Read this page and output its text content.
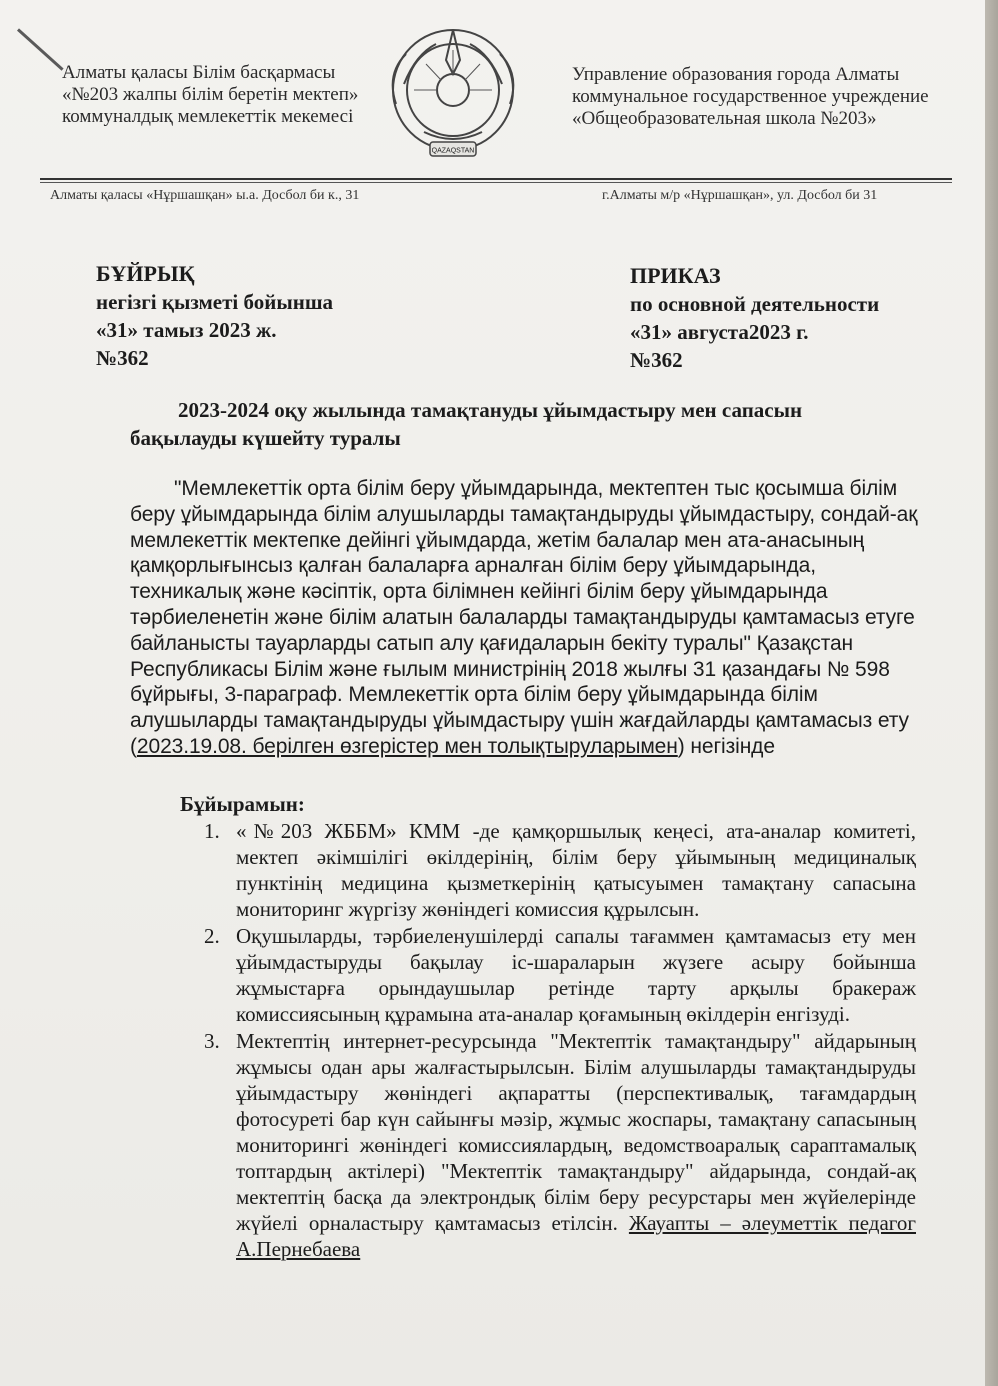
Алматы қаласы Білім басқармасы
«№203 жалпы білім беретін мектеп»
коммуналдық мемлекеттік мекемесі
QAZAQSTAN
Управление образования города Алматы
коммунальное государственное учреждение
«Общеобразовательная школа №203»
Алматы қаласы «Нұршашқан» ы.а. Досбол би к., 31	г.Алматы м/р «Нұршашқан», ул. Досбол би 31
БҰЙРЫҚ
негізгі қызметі бойынша
«31» тамыз 2023 ж.
№362
ПРИКАЗ
по основной деятельности
«31» августа2023 г.
№362
2023-2024 оқу жылында тамақтануды ұйымдастыру мен сапасын
бақылауды күшейту туралы
"Мемлекеттік орта білім беру ұйымдарында, мектептен тыс қосымша білім беру ұйымдарында білім алушыларды тамақтандыруды ұйымдастыру, сондай-ақ мемлекеттік мектепке дейінгі ұйымдарда, жетім балалар мен ата-анасының қамқорлығынсыз қалған балаларға арналған білім беру ұйымдарында, техникалық және кәсіптік, орта білімнен кейінгі білім беру ұйымдарында тәрбиеленетін және білім алатын балаларды тамақтандыруды қамтамасыз етуге байланысты тауарларды сатып алу қағидаларын бекіту туралы" Қазақстан Республикасы Білім және ғылым министрінің 2018 жылғы 31 қазандағы № 598 бұйрығы, 3-параграф. Мемлекеттік орта білім беру ұйымдарында білім алушыларды тамақтандыруды ұйымдастыру үшін жағдайларды қамтамасыз ету (2023.19.08. берілген өзгерістер мен толықтыруларымен) негізінде
Бұйырамын:
1. «№203 ЖББМ» КММ -де қамқоршылық кеңесі, ата-аналар комитеті, мектеп әкімшілігі өкілдерінің, білім беру ұйымының медициналық пунктінің медицина қызметкерінің қатысуымен тамақтану сапасына мониторинг жүргізу жөніндегі комиссия құрылсын.
2. Оқушыларды, тәрбиеленушілерді сапалы тағаммен қамтамасыз ету мен ұйымдастыруды бақылау іс-шараларын жүзеге асыру бойынша жұмыстарға орындаушылар ретінде тарту арқылы бракераж комиссиясының құрамына ата-аналар қоғамының өкілдерін енгізуді.
3. Мектептің интернет-ресурсында "Мектептік тамақтандыру" айдарының жұмысы одан ары жалғастырылсын. Білім алушыларды тамақтандыруды ұйымдастыру жөніндегі ақпаратты (перспективалық, тағамдардың фотосуреті бар күн сайынғы мәзір, жұмыс жоспары, тамақтану сапасының мониторингі жөніндегі комиссиялардың, ведомствоаралық сараптамалық топтардың актілері) "Мектептік тамақтандыру" айдарында, сондай-ақ мектептің басқа да электрондық білім беру ресурстары мен жүйелерінде жүйелі орналастыру қамтамасыз етілсін. Жауапты – әлеуметтік педагог А.Пернебаева
